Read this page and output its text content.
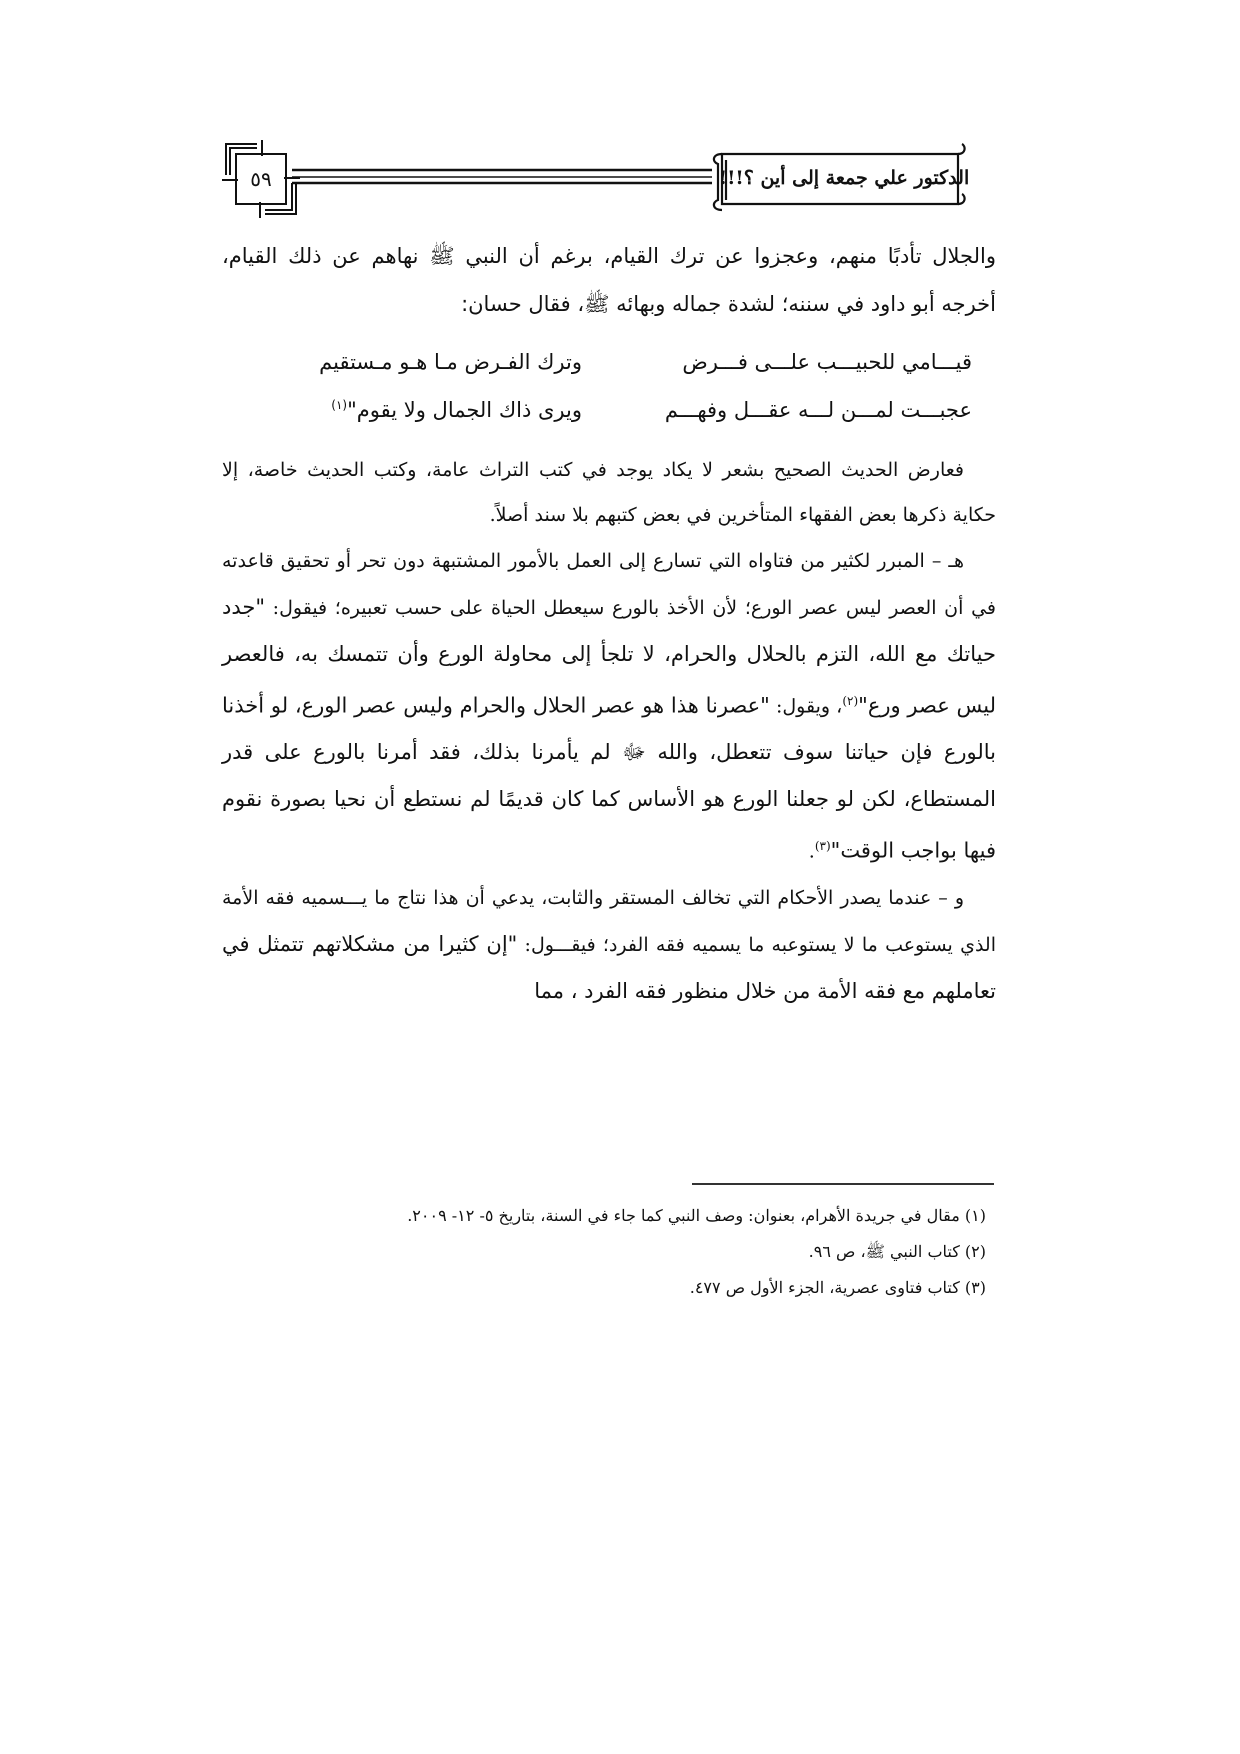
الدكتور علي جمعة إلى أين ؟!!!
٥٩

والجلال تأدبًا منهم، وعجزوا عن ترك القيام، برغم أن النبي ﷺ نهاهم عن ذلك القيام، أخرجه أبو داود في سننه؛ لشدة جماله وبهائه ﷺ، فقال حسان:

قيـــامي للحبيـــب علـــى فـــرض
وترك الفـرض مـا هـو مـستقيم
عجبـــت لمـــن لـــه عقـــل وفهـــم
ويرى ذاك الجمال ولا يقوم"$^{(١)}$

فعارض الحديث الصحيح بشعر لا يكاد يوجد في كتب التراث عامة، وكتب الحديث خاصة، إلا حكاية ذكرها بعض الفقهاء المتأخرين في بعض كتبهم بلا سند أصلاً.

هـ – المبرر لكثير من فتاواه التي تسارع إلى العمل بالأمور المشتبهة دون تحر أو تحقيق قاعدته في أن العصر ليس عصر الورع؛ لأن الأخذ بالورع سيعطل الحياة على حسب تعبيره؛ فيقول: "جدد حياتك مع الله، التزم بالحلال والحرام، لا تلجأ إلى محاولة الورع وأن تتمسك به، فالعصر ليس عصر ورع"$^{(٢)}$، ويقول: "عصرنا هذا هو عصر الحلال والحرام وليس عصر الورع، لو أخذنا بالورع فإن حياتنا سوف تتعطل، والله ﷻ لم يأمرنا بذلك، فقد أمرنا بالورع على قدر المستطاع، لكن لو جعلنا الورع هو الأساس كما كان قديمًا لم نستطع أن نحيا بصورة نقوم فيها بواجب الوقت"$^{(٣)}$.

و – عندما يصدر الأحكام التي تخالف المستقر والثابت، يدعي أن هذا نتاج ما يـــسميه فقه الأمة الذي يستوعب ما لا يستوعبه ما يسميه فقه الفرد؛ فيقـــول: "إن كثيرا من مشكلاتهم تتمثل في تعاملهم مع فقه الأمة من خلال منظور فقه الفرد ، مما

(١) مقال في جريدة الأهرام، بعنوان: وصف النبي كما جاء في السنة، بتاريخ ٥- ١٢- ٢٠٠٩.

(٢) كتاب النبي ﷺ، ص ٩٦.

(٣) كتاب فتاوى عصرية، الجزء الأول ص ٤٧٧.
